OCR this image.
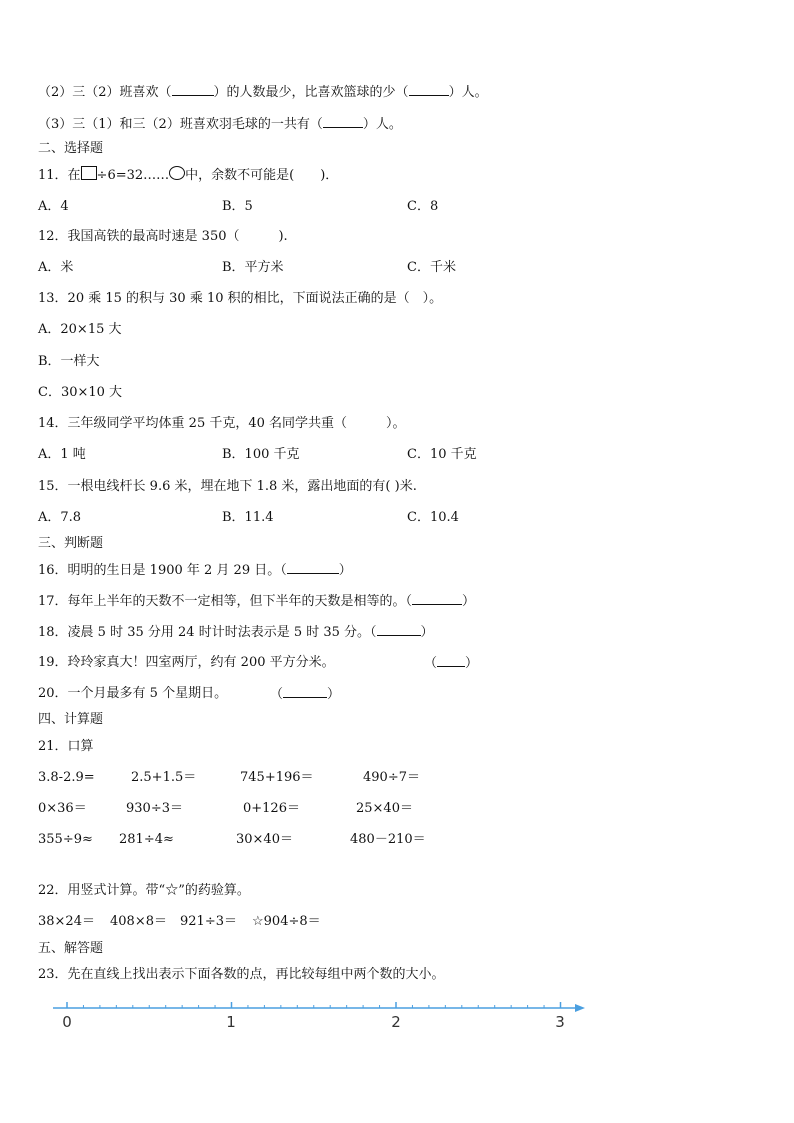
（2）三（2）班喜欢（	）的人数最少，比喜欢篮球的少（	）人。
（3）三（1）和三（2）班喜欢羽毛球的一共有（	）人。
二、选择题
11．在 ÷6=32…… 中，余数不可能是(　　)．
A．4	B．5	C．8
12．我国高铁的最高时速是 350（　　　).
A．米	B．平方米	C．千米
13．20 乘 15 的积与 30 乘 10 积的相比，下面说法正确的是（　）。
A．20×15 大
B．一样大
C．30×10 大
14．三年级同学平均体重 25 千克，40 名同学共重（　　　）。
A．1 吨	B．100 千克	C．10 千克
15．一根电线杆长 9.6 米，埋在地下 1.8 米，露出地面的有( )米.
A．7.8	B．11.4	C．10.4
三、判断题
16．明明的生日是 1900 年 2 月 29 日。（	）
17．每年上半年的天数不一定相等，但下半年的天数是相等的。（	）
18．凌晨 5 时 35 分用 24 时计时法表示是 5 时 35 分。（	）
19．玲玲家真大！四室两厅，约有 200 平方分米。	（ ）
20．一个月最多有 5 个星期日。	（	）
四、计算题
21．口算
3.8-2.9=	2.5+1.5＝	745+196＝	490÷7＝
0×36＝	930÷3＝	0+126＝	25×40＝
355÷9≈ 281÷4≈	30×40＝	480－210＝
22．用竖式计算。带“☆”的药验算。
38×24＝ 408×8＝ 921÷3＝ ☆904÷8＝
五、解答题
23．先在直线上找出表示下面各数的点，再比较每组中两个数的大小。
0	1	2	3
